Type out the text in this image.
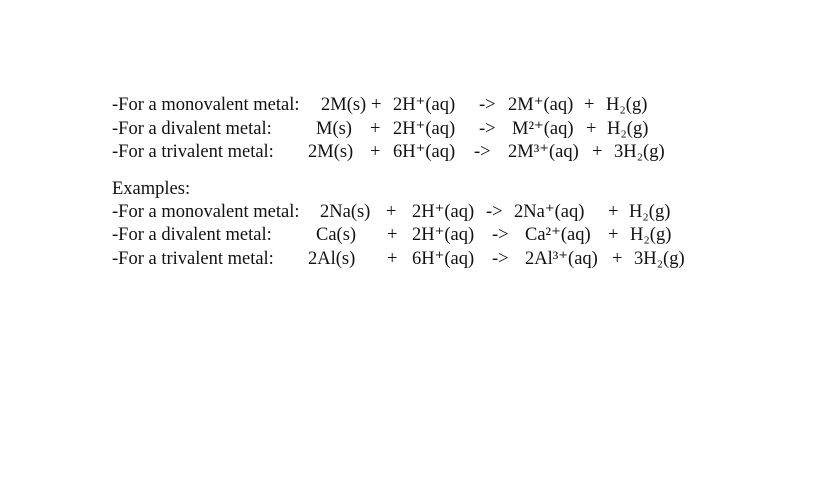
-For a monovalent metal:

2M(s)

+

2H⁺(aq)

->

2M⁺(aq)

+

H₂(g)

-For a divalent metal:

M(s)

+

2H⁺(aq)

->

M²⁺(aq)

+

H₂(g)

-For a trivalent metal:

2M(s)

+

6H⁺(aq)

->

2M³⁺(aq)

+

3H₂(g)

Examples:

-For a monovalent metal:

2Na(s)

+

2H⁺(aq)

->

2Na⁺(aq)

+

H₂(g)

-For a divalent metal:

Ca(s)

+

2H⁺(aq)

->

Ca²⁺(aq)

+

H₂(g)

-For a trivalent metal:

2Al(s)

+

6H⁺(aq)

->

2Al³⁺(aq)

+

3H₂(g)
